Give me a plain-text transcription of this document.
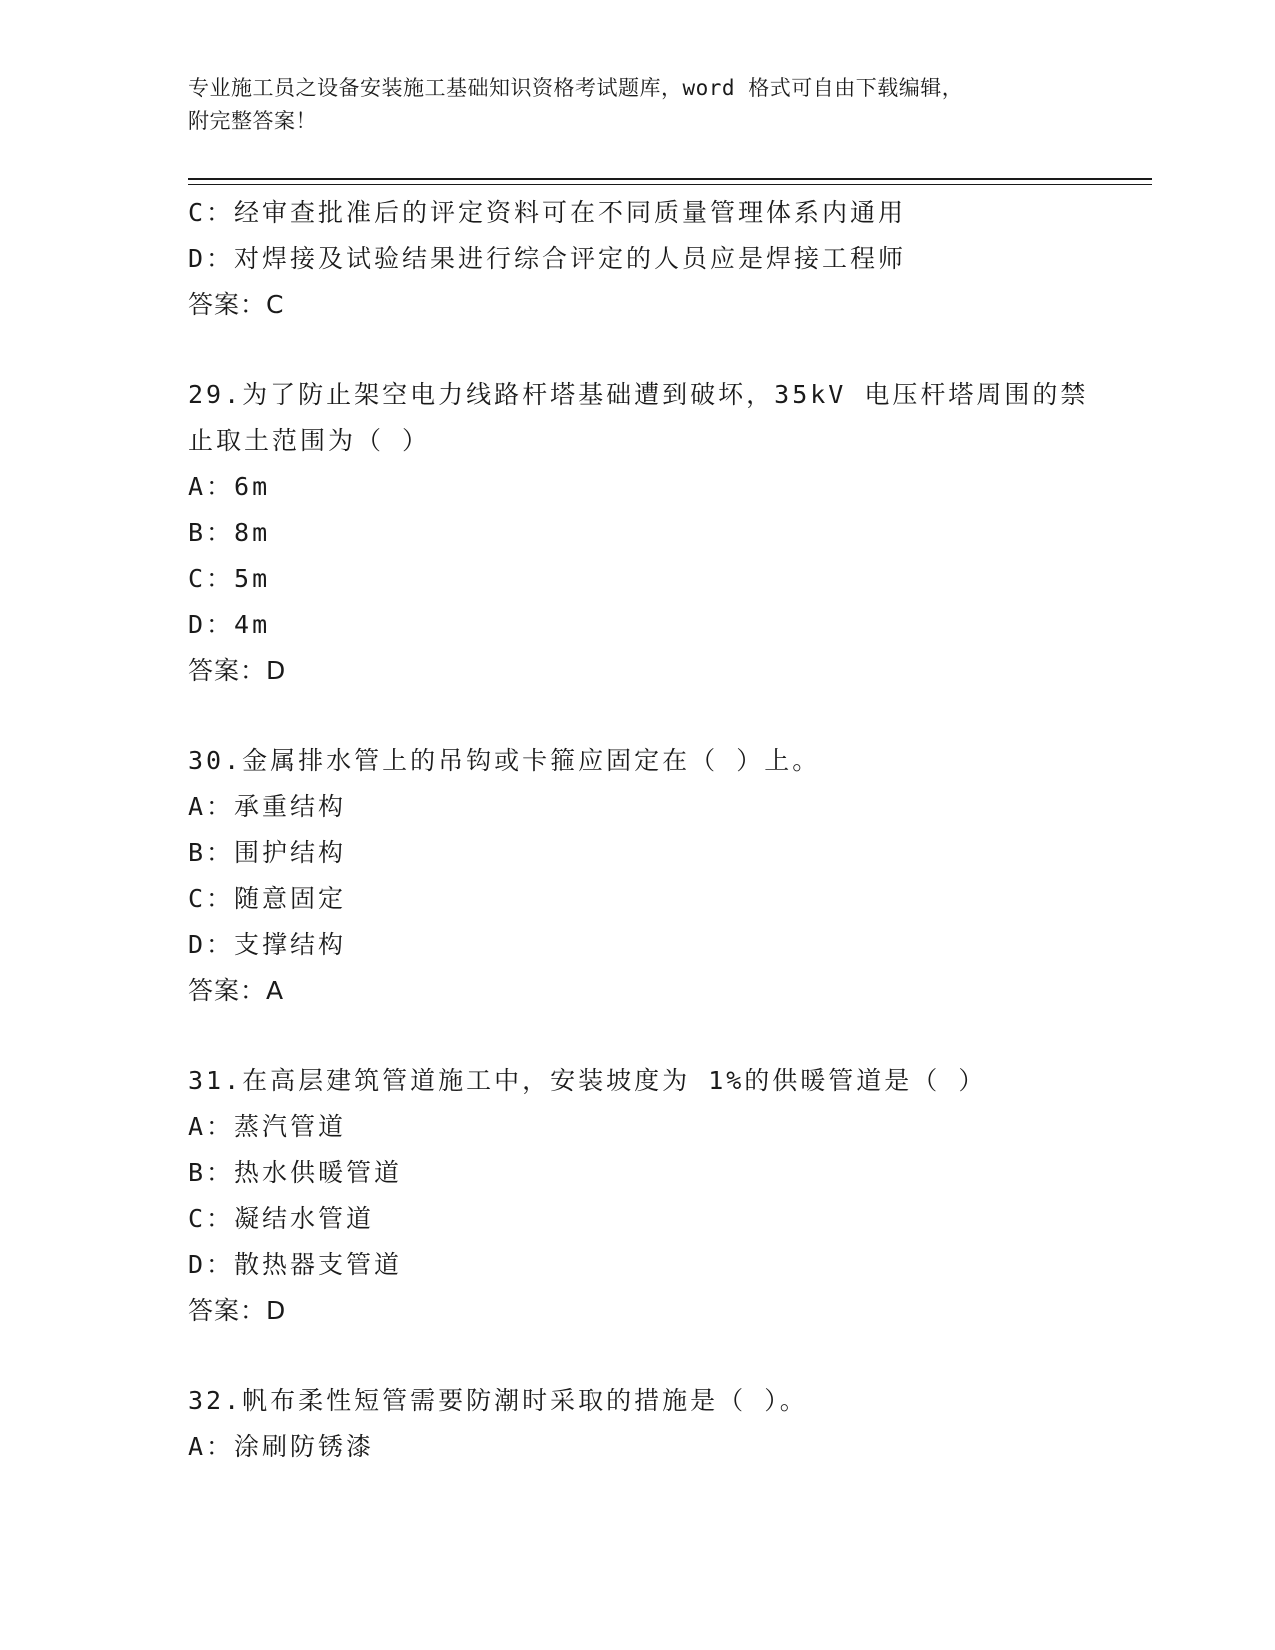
专业施工员之设备安装施工基础知识资格考试题库，word 格式可自由下载编辑，
附完整答案！
C：经审查批准后的评定资料可在不同质量管理体系内通用
D：对焊接及试验结果进行综合评定的人员应是焊接工程师
答案：C
29.为了防止架空电力线路杆塔基础遭到破坏，35kV 电压杆塔周围的禁
止取土范围为（ ）
A：6m
B：8m
C：5m
D：4m
答案：D
30.金属排水管上的吊钩或卡箍应固定在（ ）上。
A：承重结构
B：围护结构
C：随意固定
D：支撑结构
答案：A
31.在高层建筑管道施工中，安装坡度为 1%的供暖管道是（ ）
A：蒸汽管道
B：热水供暖管道
C：凝结水管道
D：散热器支管道
答案：D
32.帆布柔性短管需要防潮时采取的措施是（ ）。
A：涂刷防锈漆
